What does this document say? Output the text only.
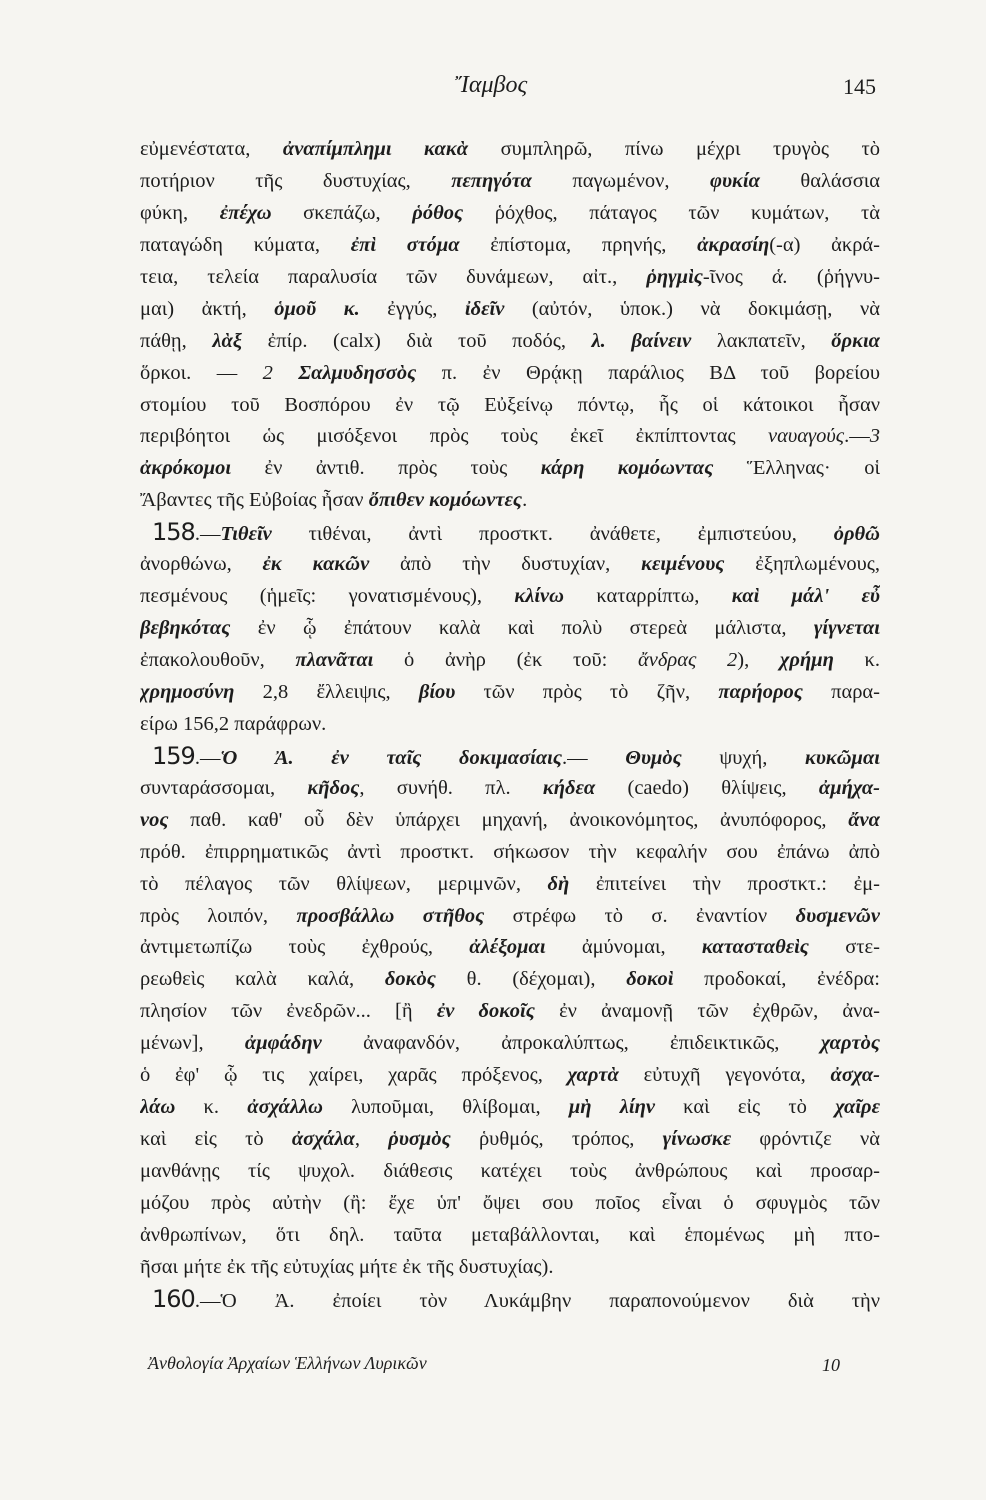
Ἴαμβος	145
εὐμενέστατα, ἀναπίμπλημι κακὰ συμπληρῶ, πίνω μέχρι τρυγὸς τὸ
ποτήριον τῆς δυστυχίας, πεπηγότα παγωμένον, φυκία θαλάσσια
φύκη, ἐπέχω σκεπάζω, ῥόθος ῥόχθος, πάταγος τῶν κυμάτων, τὰ
παταγώδη κύματα, ἐπὶ στόμα ἐπίστομα, πρηνής, ἀκρασίη(-α) ἀκρά-
τεια, τελεία παραλυσία τῶν δυνάμεων, αἰτ., ῥηγμὶς-ῖνος ἁ. (ῥήγνυ-
μαι) ἀκτή, ὁμοῦ κ. ἐγγύς, ἰδεῖν (αὐτόν, ὑποκ.) νὰ δοκιμάσῃ, νὰ
πάθῃ, λὰξ ἐπίρ. (calx) διὰ τοῦ ποδός, λ. βαίνειν λακπατεῖν, ὅρκια
ὅρκοι. — 2 Σαλμυδησσὸς π. ἐν Θρᾴκῃ παράλιος ΒΔ τοῦ βορείου
στομίου τοῦ Βοσπόρου ἐν τῷ Εὐξείνῳ πόντῳ, ἧς οἱ κάτοικοι ἦσαν
περιβόητοι ὡς μισόξενοι πρὸς τοὺς ἐκεῖ ἐκπίπτοντας ναυαγούς.—3
ἀκρόκομοι ἐν ἀντιθ. πρὸς τοὺς κάρη κομόωντας Ἕλληνας· οἱ
Ἄβαντες τῆς Εὐβοίας ἦσαν ὄπιθεν κομόωντες.
158.—Τιθεῖν τιθέναι, ἀντὶ προστκτ. ἀνάθετε, ἐμπιστεύου, ὀρθῶ
ἀνορθώνω, ἐκ κακῶν ἀπὸ τὴν δυστυχίαν, κειμένους ἐξηπλωμένους,
πεσμένους (ἡμεῖς: γονατισμένους), κλίνω καταρρίπτω, καὶ μάλ' εὖ
βεβηκότας ἐν ᾧ ἐπάτουν καλὰ καὶ πολὺ στερεὰ μάλιστα, γίγνεται
ἐπακολουθοῦν, πλανᾶται ὁ ἀνὴρ (ἐκ τοῦ: ἄνδρας 2), χρήμη κ.
χρημοσύνη 2,8 ἔλλειψις, βίου τῶν πρὸς τὸ ζῆν, παρήορος παρα-
είρω 156,2 παράφρων.
159.—Ὁ Ἀ. ἐν ταῖς δοκιμασίαις.— Θυμὸς ψυχή, κυκῶμαι
συνταράσσομαι, κῆδος, συνήθ. πλ. κήδεα (caedo) θλίψεις, ἀμήχα-
νος παθ. καθ' οὗ δὲν ὑπάρχει μηχανή, ἀνοικονόμητος, ἀνυπόφορος, ἄνα
πρόθ. ἐπιρρηματικῶς ἀντὶ προστκτ. σήκωσον τὴν κεφαλήν σου ἐπάνω ἀπὸ
τὸ πέλαγος τῶν θλίψεων, μεριμνῶν, δὴ ἐπιτείνει τὴν προστκτ.: ἐμ-
πρὸς λοιπόν, προσβάλλω στῆθος στρέφω τὸ σ. ἐναντίον δυσμενῶν
ἀντιμετωπίζω τοὺς ἐχθρούς, ἀλέξομαι ἀμύνομαι, κατασταθεὶς στε-
ρεωθεὶς καλὰ καλά, δοκὸς θ. (δέχομαι), δοκοὶ προδοκαί, ἐνέδρα:
πλησίον τῶν ἐνεδρῶν... [ἢ ἐν δοκοῖς ἐν ἀναμονῇ τῶν ἐχθρῶν, ἀνα-
μένων], ἀμφάδην ἀναφανδόν, ἀπροκαλύπτως, ἐπιδεικτικῶς, χαρτὸς
ὁ ἐφ' ᾧ τις χαίρει, χαρᾶς πρόξενος, χαρτὰ εὐτυχῆ γεγονότα, ἀσχα-
λάω κ. ἀσχάλλω λυποῦμαι, θλίβομαι, μὴ λίην καὶ εἰς τὸ χαῖρε
καὶ εἰς τὸ ἀσχάλα, ῥυσμὸς ῥυθμός, τρόπος, γίνωσκε φρόντιζε νὰ
μανθάνῃς τίς ψυχολ. διάθεσις κατέχει τοὺς ἀνθρώπους καὶ προσαρ-
μόζου πρὸς αὐτὴν (ἢ: ἔχε ὑπ' ὄψει σου ποῖος εἶναι ὁ σφυγμὸς τῶν
ἀνθρωπίνων, ὅτι δηλ. ταῦτα μεταβάλλονται, καὶ ἑπομένως μὴ πτο-
ῆσαι μήτε ἐκ τῆς εὐτυχίας μήτε ἐκ τῆς δυστυχίας).
160.—Ὁ Ἀ. ἐποίει τὸν Λυκάμβην παραπονούμενον διὰ τὴν
Ἀνθολογία Ἀρχαίων Ἑλλήνων Λυρικῶν	10
